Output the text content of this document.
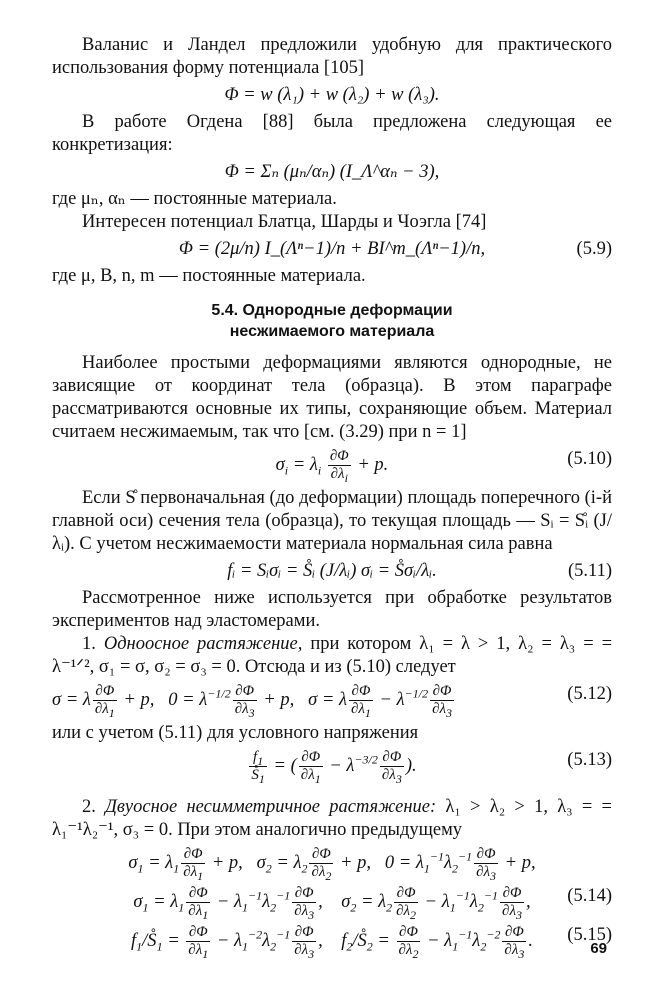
Валанис и Ландел предложили удобную для практического использования форму потенциала [105]

Φ = w (λ₁) + w (λ₂) + w (λ₃).

В работе Огдена [88] была предложена следующая ее конкретизация:

Φ = Σₙ (μₙ/αₙ) (I_Λ^αₙ − 3),

где μₙ, αₙ — постоянные материала.

Интересен потенциал Блатца, Шарды и Чоэгла [74]

Φ = (2μ/n) I_(Λⁿ−1)/n + BI^m_(Λⁿ−1)/n,	(5.9)

где μ, B, n, m — постоянные материала.

5.4. Однородные деформации
несжимаемого материала

Наиболее простыми деформациями являются однородные, не зависящие от координат тела (образца). В этом параграфе рассматриваются основные их типы, сохраняющие объем. Материал считаем несжимаемым, так что [см. (3.29) при n = 1]

$\sigma_i = \lambda_i \frac{\partial\Phi}{\partial\lambda_i} + p$.	(5.10)

Если S̊ первоначальная (до деформации) площадь поперечного (i-й главной оси) сечения тела (образца), то текущая площадь — Sᵢ = S̊ᵢ (J/λᵢ). С учетом несжимаемости материала нормальная сила равна

fᵢ = Sᵢσᵢ = S̊ᵢ (J/λᵢ) σᵢ = S̊σᵢ/λᵢ.	(5.11)

Рассмотренное ниже используется при обработке результатов экспериментов над эластомерами.

1. Одноосное растяжение, при котором λ₁ = λ > 1, λ₂ = λ₃ = = λ⁻¹ᐟ², σ₁ = σ, σ₂ = σ₃ = 0. Отсюда и из (5.10) следует

σ = λ $\frac{\partial\Phi}{\partial\lambda_1} + p$,   $0 = \lambda^{-1/2} \frac{\partial\Phi}{\partial\lambda_3} + p$,   σ = λ $\frac{\partial\Phi}{\partial\lambda_1} - \lambda^{-1/2} \frac{\partial\Phi}{\partial\lambda_3}$	(5.12)

или с учетом (5.11) для условного напряжения

$\frac{f_1}{S̊_1}$ = ( $\frac{\partial\Phi}{\partial\lambda_1} - \lambda^{-3/2} \frac{\partial\Phi}{\partial\lambda_3}$ ).	(5.13)

2. Двуосное несимметричное растяжение: λ₁ > λ₂ > 1, λ₃ = = λ₁⁻¹λ₂⁻¹, σ₃ = 0. При этом аналогично предыдущему

$\sigma_1 = \lambda_1 \frac{\partial\Phi}{\partial\lambda_1} + p$,   $\sigma_2 = \lambda_2 \frac{\partial\Phi}{\partial\lambda_2} + p$,   $0 = \lambda_1^{-1}\lambda_2^{-1} \frac{\partial\Phi}{\partial\lambda_3} + p$,
$\sigma_1 = \lambda_1 \frac{\partial\Phi}{\partial\lambda_1} - \lambda_1^{-1}\lambda_2^{-1} \frac{\partial\Phi}{\partial\lambda_3}$ ,    $\sigma_2 = \lambda_2 \frac{\partial\Phi}{\partial\lambda_2} - \lambda_1^{-1}\lambda_2^{-1} \frac{\partial\Phi}{\partial\lambda_3}$ , (5.14)
$f_1/S̊_1 = \frac{\partial\Phi}{\partial\lambda_1} - \lambda_1^{-2}\lambda_2^{-1} \frac{\partial\Phi}{\partial\lambda_3}$ ,    $f_2/S̊_2 = \frac{\partial\Phi}{\partial\lambda_2} - \lambda_1^{-1}\lambda_2^{-2} \frac{\partial\Phi}{\partial\lambda_3}$ . (5.15)
69
